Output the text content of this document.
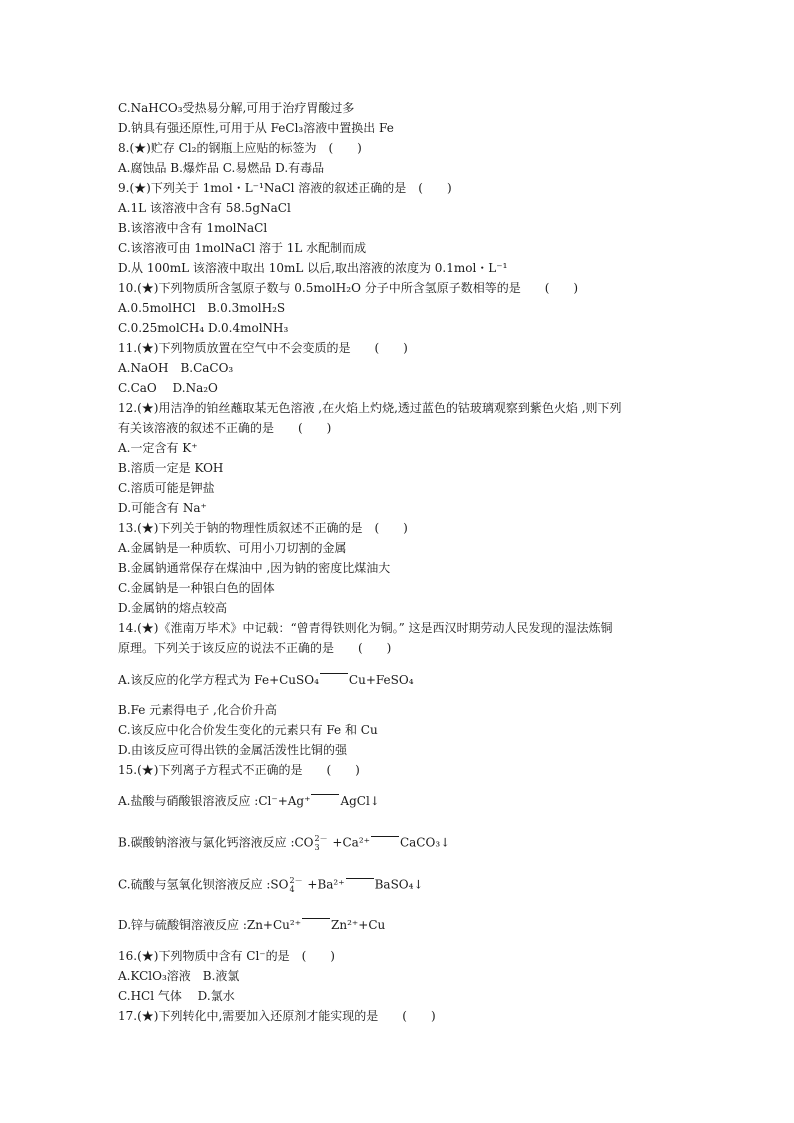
C.NaHCO₃受热易分解,可用于治疗胃酸过多
D.钠具有强还原性,可用于从 FeCl₃溶液中置换出 Fe
8.(★)贮存 Cl₂的钢瓶上应贴的标签为　(　　)
A.腐蚀品 B.爆炸品 C.易燃品 D.有毒品
9.(★)下列关于 1mol・L⁻¹NaCl 溶液的叙述正确的是　(　　)
A.1L 该溶液中含有 58.5gNaCl
B.该溶液中含有 1molNaCl
C.该溶液可由 1molNaCl 溶于 1L 水配制而成
D.从 100mL 该溶液中取出 10mL 以后,取出溶液的浓度为 0.1mol・L⁻¹
10.(★)下列物质所含氢原子数与 0.5molH₂O 分子中所含氢原子数相等的是　　(　　)
A.0.5molHCl　B.0.3molH₂S
C.0.25molCH₄ D.0.4molNH₃
11.(★)下列物质放置在空气中不会变质的是　　(　　)
A.NaOH　B.CaCO₃
C.CaO　 D.Na₂O
12.(★)用洁净的铂丝蘸取某无色溶液 ,在火焰上灼烧,透过蓝色的钴玻璃观察到紫色火焰 ,则下列
有关该溶液的叙述不正确的是　　(　　)
A.一定含有 K⁺
B.溶质一定是 KOH
C.溶质可能是钾盐
D.可能含有 Na⁺
13.(★)下列关于钠的物理性质叙述不正确的是　(　　)
A.金属钠是一种质软、可用小刀切割的金属
B.金属钠通常保存在煤油中 ,因为钠的密度比煤油大
C.金属钠是一种银白色的固体
D.金属钠的熔点较高
14.(★)《淮南万毕术》中记载：“曾青得铁则化为铜。” 这是西汉时期劳动人民发现的湿法炼铜
原理。下列关于该反应的说法不正确的是　　(　　)
A.该反应的化学方程式为 Fe+CuSO₄	Cu+FeSO₄
B.Fe 元素得电子 ,化合价升高
C.该反应中化合价发生变化的元素只有 Fe 和 Cu
D.由该反应可得出铁的金属活泼性比铜的强
15.(★)下列离子方程式不正确的是　　(　　)
A.盐酸与硝酸银溶液反应 :Cl⁻+Ag⁺	AgCl↓
B.碳酸钠溶液与氯化钙溶液反应 :CO 2－
3 +Ca²⁺	CaCO₃↓
C.硫酸与氢氧化钡溶液反应 :SO 2－
4 +Ba²⁺	BaSO₄↓
D.锌与硫酸铜溶液反应 :Zn+Cu²⁺	Zn²⁺+Cu
16.(★)下列物质中含有 Cl⁻的是　(　　)
A.KClO₃溶液　B.液氯
C.HCl 气体　 D.氯水
17.(★)下列转化中,需要加入还原剂才能实现的是　　(　　)
